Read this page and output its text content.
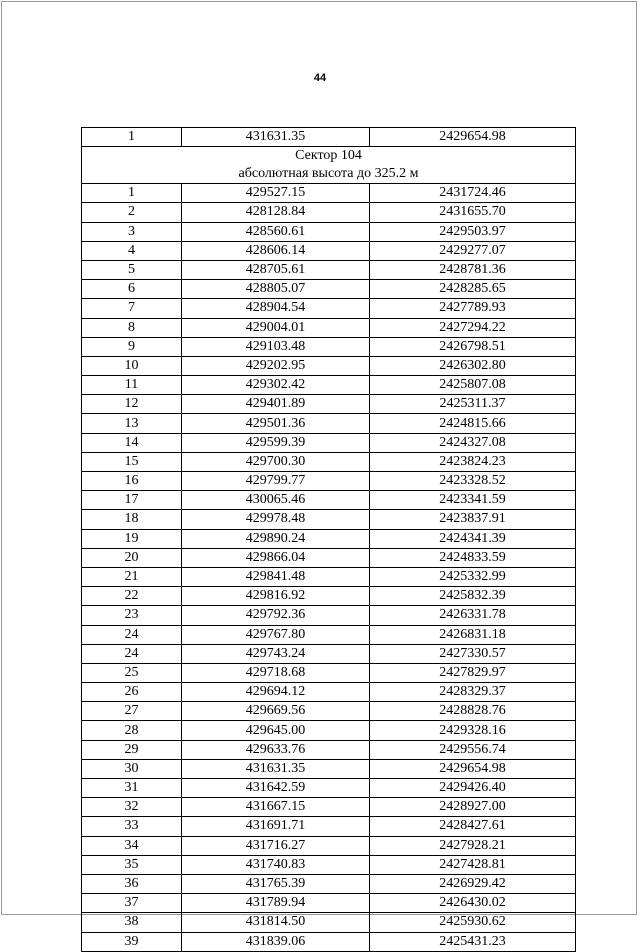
44
1	431631.35	2429654.98

Сектор 104
абсолютная высота до 325.2 м		

1	429527.15	2431724.46
2	428128.84	2431655.70
3	428560.61	2429503.97
4	428606.14	2429277.07
5	428705.61	2428781.36
6	428805.07	2428285.65
7	428904.54	2427789.93
8	429004.01	2427294.22
9	429103.48	2426798.51
10	429202.95	2426302.80
11	429302.42	2425807.08
12	429401.89	2425311.37
13	429501.36	2424815.66
14	429599.39	2424327.08
15	429700.30	2423824.23
16	429799.77	2423328.52
17	430065.46	2423341.59
18	429978.48	2423837.91
19	429890.24	2424341.39
20	429866.04	2424833.59
21	429841.48	2425332.99
22	429816.92	2425832.39
23	429792.36	2426331.78
24	429767.80	2426831.18
24	429743.24	2427330.57
25	429718.68	2427829.97
26	429694.12	2428329.37
27	429669.56	2428828.76
28	429645.00	2429328.16
29	429633.76	2429556.74
30	431631.35	2429654.98
31	431642.59	2429426.40
32	431667.15	2428927.00
33	431691.71	2428427.61
34	431716.27	2427928.21
35	431740.83	2427428.81
36	431765.39	2426929.42
37	431789.94	2426430.02
38	431814.50	2425930.62
39	431839.06	2425431.23
